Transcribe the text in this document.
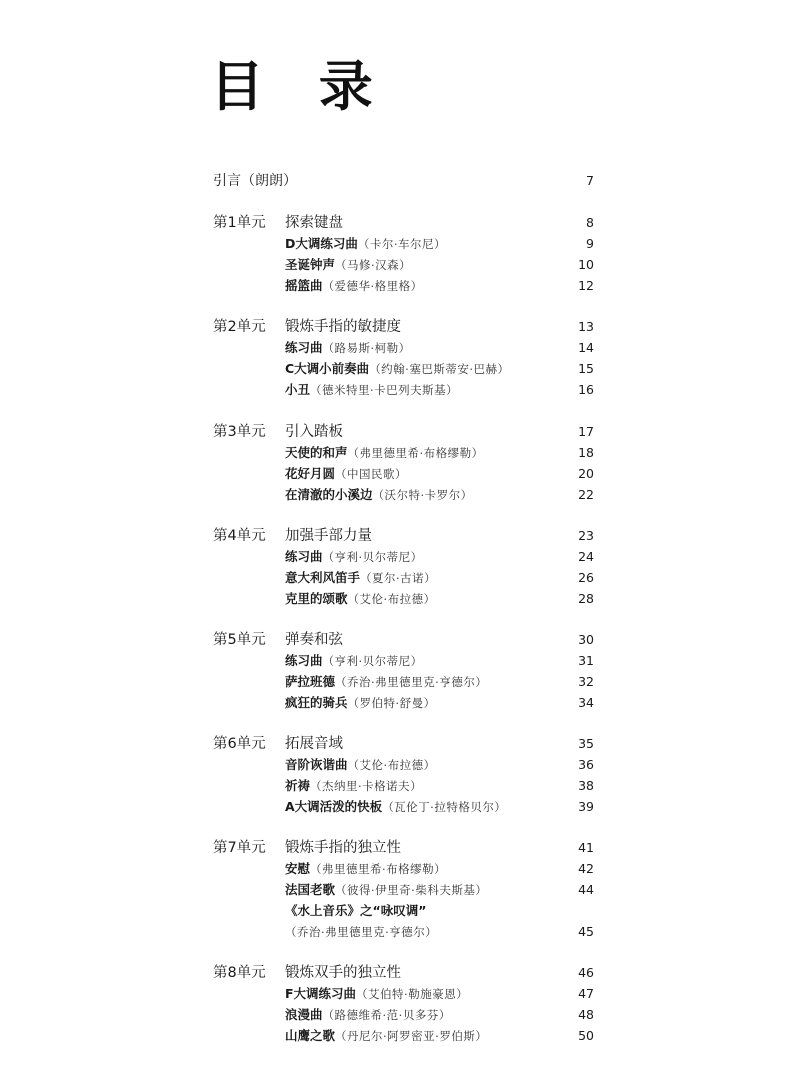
目 录
引言（朗朗）	7
第1单元 探索键盘	8
D大调练习曲（卡尔·车尔尼）	9
圣诞钟声（马修·汉森）	10
摇篮曲（爱德华·格里格）	12
第2单元 锻炼手指的敏捷度	13
练习曲（路易斯·柯勒）	14
C大调小前奏曲（约翰·塞巴斯蒂安·巴赫）	15
小丑（德米特里·卡巴列夫斯基）	16
第3单元 引入踏板	17
天使的和声（弗里德里希·布格缪勒）	18
花好月圆（中国民歌）	20
在清澈的小溪边（沃尔特·卡罗尔）	22
第4单元 加强手部力量	23
练习曲（亨利·贝尔蒂尼）	24
意大利风笛手（夏尔·古诺）	26
克里的颂歌（艾伦·布拉德）	28
第5单元 弹奏和弦	30
练习曲（亨利·贝尔蒂尼）	31
萨拉班德（乔治·弗里德里克·亨德尔）	32
疯狂的骑兵（罗伯特·舒曼）	34
第6单元 拓展音域	35
音阶诙谐曲（艾伦·布拉德）	36
祈祷（杰纳里·卡格诺夫）	38
A大调活泼的快板（瓦伦丁·拉特格贝尔）	39
第7单元 锻炼手指的独立性	41
安慰（弗里德里希·布格缪勒）	42
法国老歌（彼得·伊里奇·柴科夫斯基）	44
《水上音乐》之“咏叹调”
（乔治·弗里德里克·亨德尔）	45
第8单元 锻炼双手的独立性	46
F大调练习曲（艾伯特·勒施豪恩）	47
浪漫曲（路德维希·范·贝多芬）	48
山鹰之歌（丹尼尔·阿罗密亚·罗伯斯）	50
